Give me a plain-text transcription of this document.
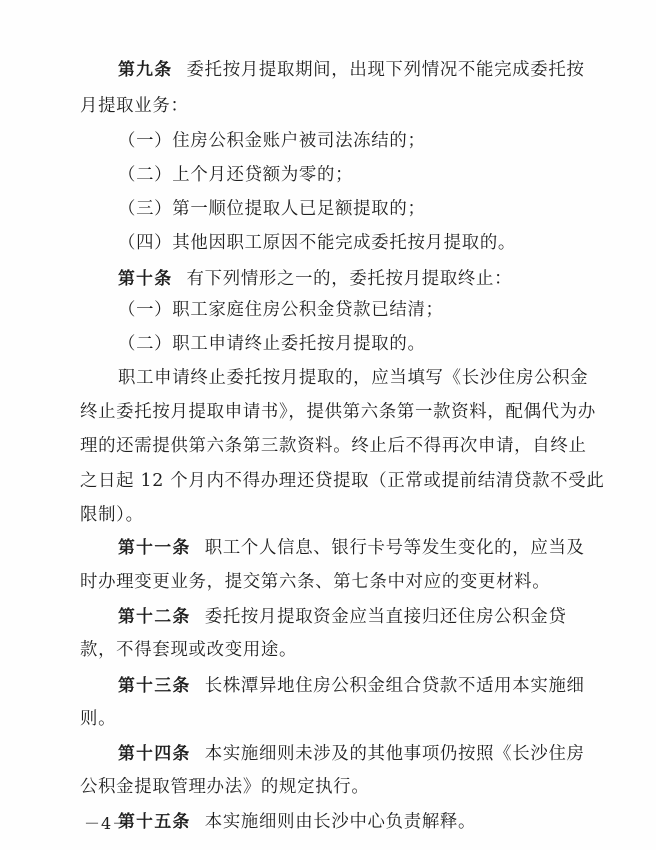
第九条 委托按月提取期间，出现下列情况不能完成委托按
月提取业务：
（一）住房公积金账户被司法冻结的；
（二）上个月还贷额为零的；
（三）第一顺位提取人已足额提取的；
（四）其他因职工原因不能完成委托按月提取的。
第十条 有下列情形之一的，委托按月提取终止：
（一）职工家庭住房公积金贷款已结清；
（二）职工申请终止委托按月提取的。
职工申请终止委托按月提取的，应当填写《长沙住房公积金
终止委托按月提取申请书》，提供第六条第一款资料，配偶代为办
理的还需提供第六条第三款资料。终止后不得再次申请，自终止
之日起 12 个月内不得办理还贷提取（正常或提前结清贷款不受此
限制）。
第十一条 职工个人信息、银行卡号等发生变化的，应当及
时办理变更业务，提交第六条、第七条中对应的变更材料。
第十二条 委托按月提取资金应当直接归还住房公积金贷
款，不得套现或改变用途。
第十三条 长株潭异地住房公积金组合贷款不适用本实施细
则。
第十四条 本实施细则未涉及的其他事项仍按照《长沙住房
公积金提取管理办法》的规定执行。
第十五条 本实施细则由长沙中心负责解释。
－4－
